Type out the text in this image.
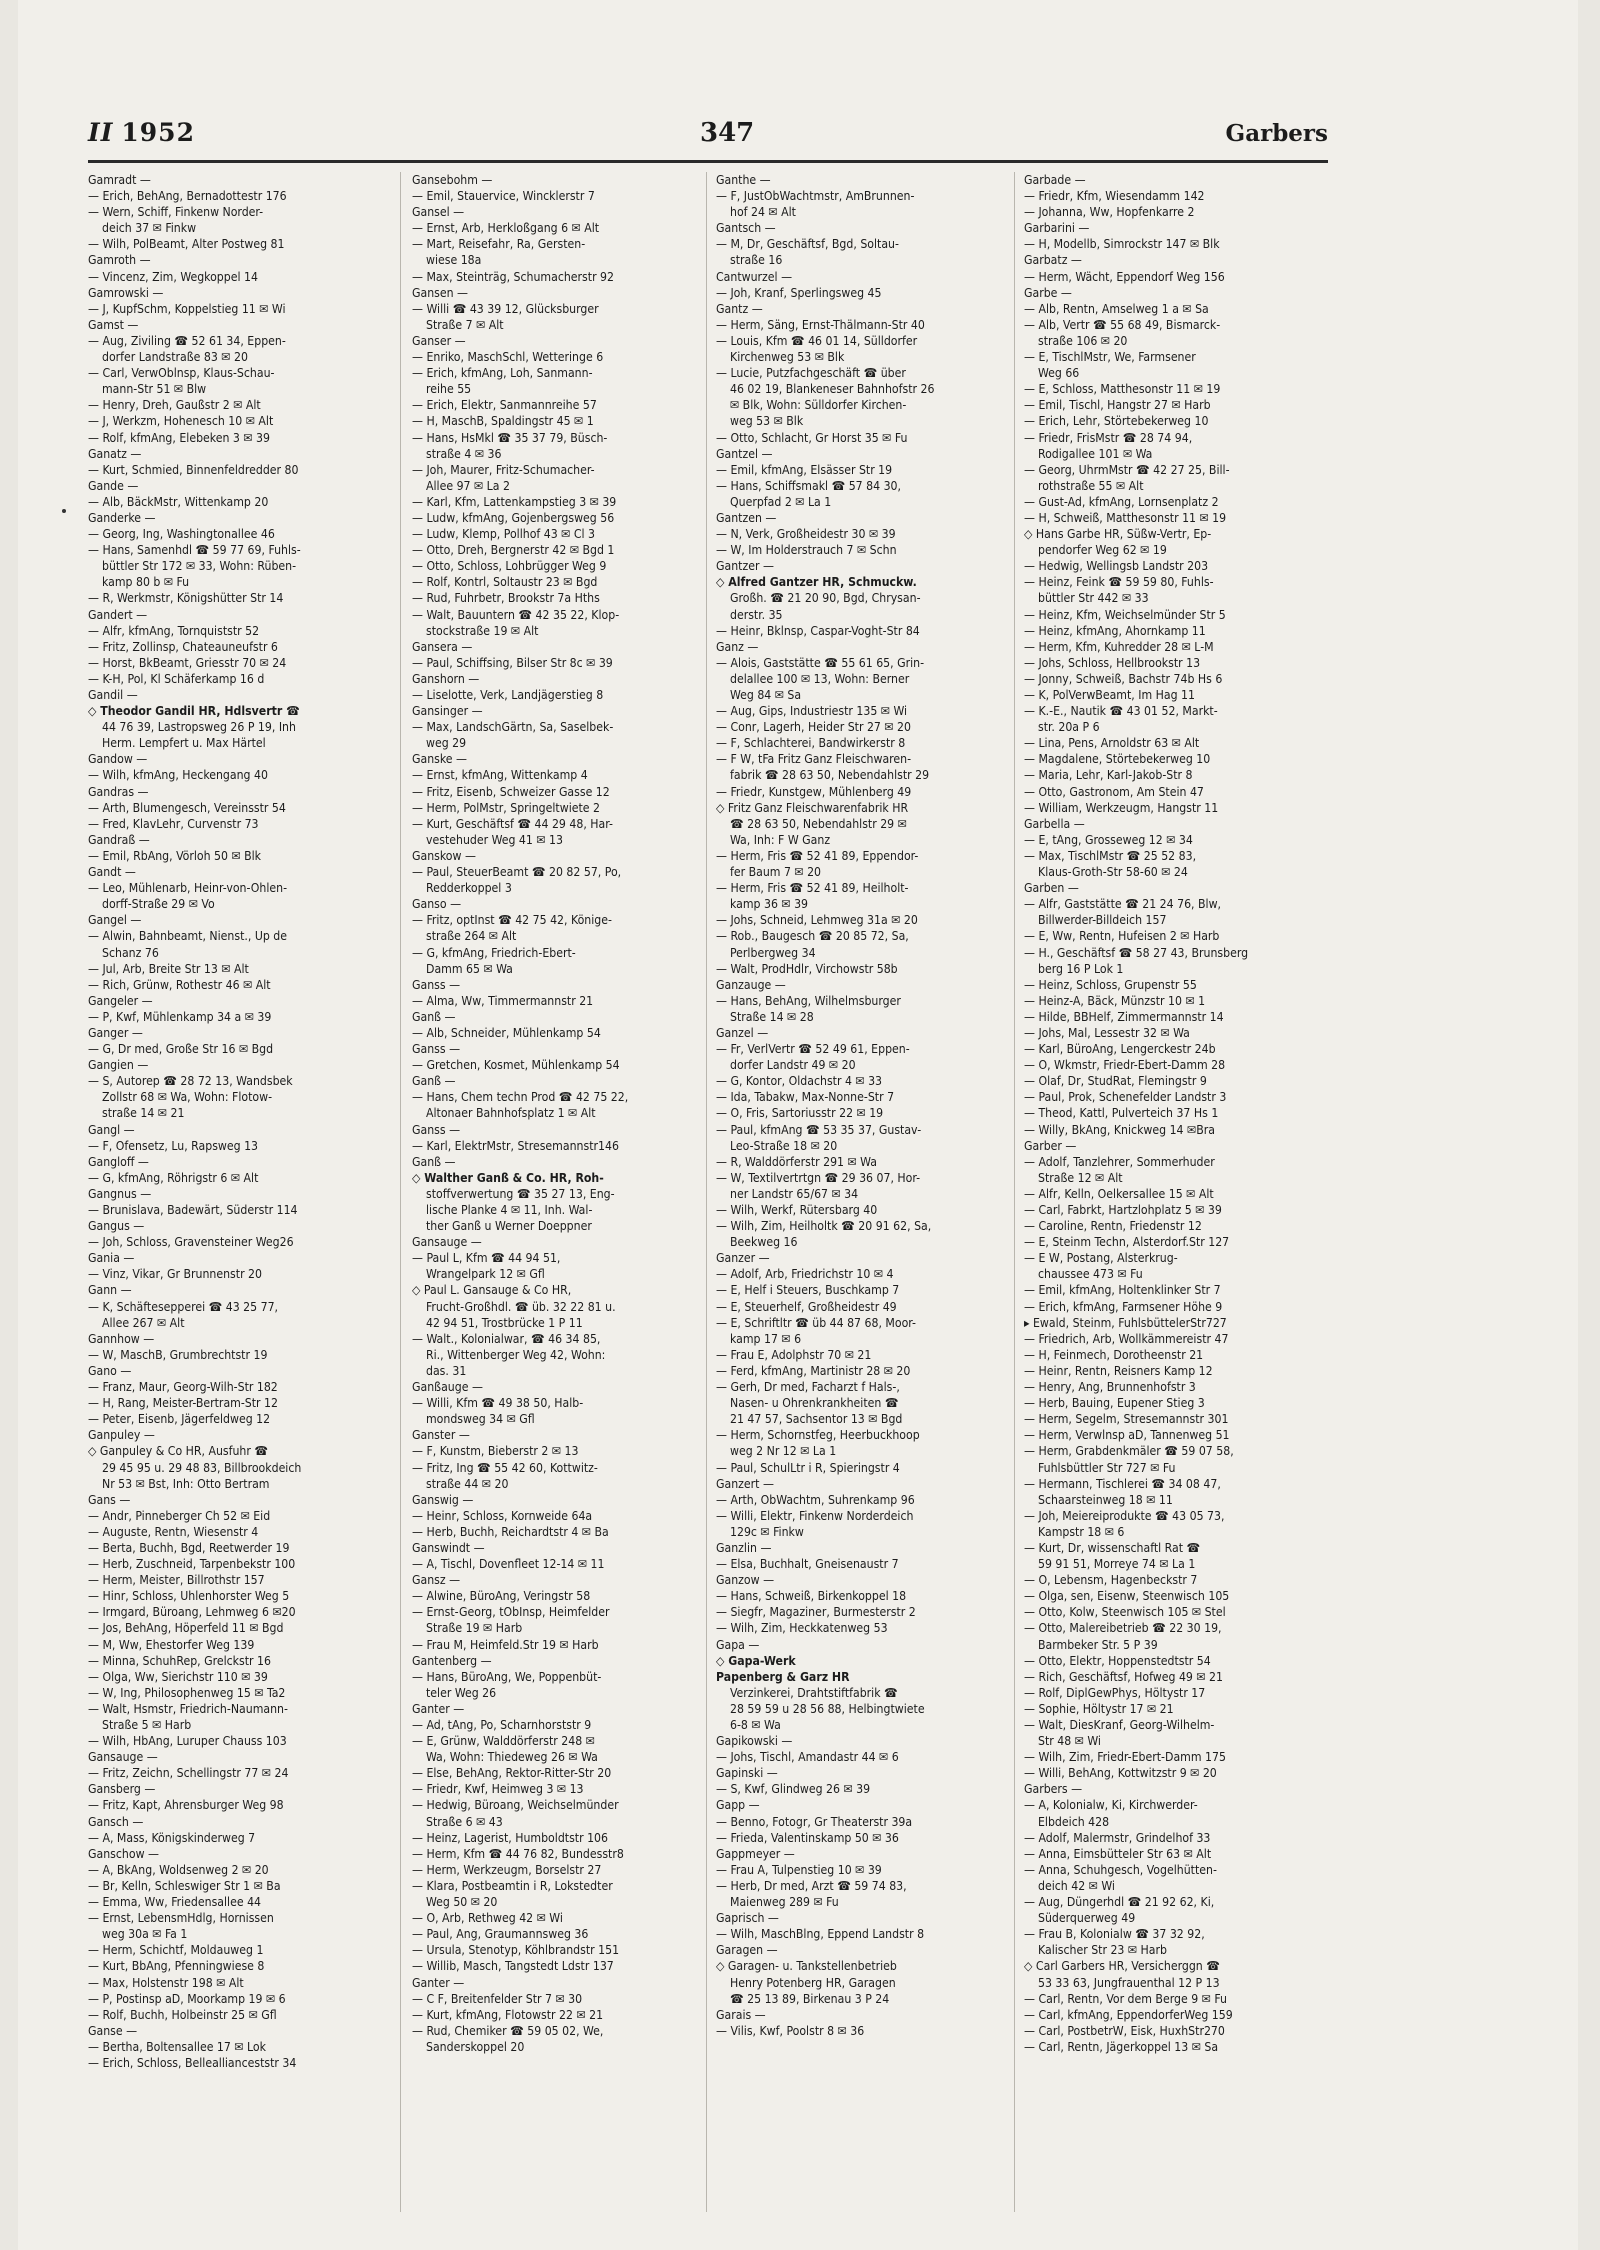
II 1952	347	Garbers
Gamradt —
— Erich, BehAng, Bernadottestr 176
— Wern, Schiff, Finkenw Norder-
deich 37 ✉ Finkw
— Wilh, PolBeamt, Alter Postweg 81
Gamroth —
— Vincenz, Zim, Wegkoppel 14
Gamrowski —
— J, KupfSchm, Koppelstieg 11 ✉ Wi
Gamst —
— Aug, Ziviling ☎ 52 61 34, Eppen-
dorfer Landstraße 83 ✉ 20
— Carl, VerwOblnsp, Klaus-Schau-
mann-Str 51 ✉ Blw
— Henry, Dreh, Gaußstr 2 ✉ Alt
— J, Werkzm, Hohenesch 10 ✉ Alt
— Rolf, kfmAng, Elebeken 3 ✉ 39
Ganatz —
— Kurt, Schmied, Binnenfeldredder 80
Gande —
— Alb, BäckMstr, Wittenkamp 20
Ganderke —
— Georg, Ing, Washingtonallee 46
— Hans, Samenhdl ☎ 59 77 69, Fuhls-
büttler Str 172 ✉ 33, Wohn: Rüben-
kamp 80 b ✉ Fu
— R, Werkmstr, Königshütter Str 14
Gandert —
— Alfr, kfmAng, Tornquiststr 52
— Fritz, Zollinsp, Chateauneufstr 6
— Horst, BkBeamt, Griesstr 70 ✉ 24
— K-H, Pol, Kl Schäferkamp 16 d
Gandil —
◇ Theodor Gandil HR, Hdlsvertr ☎
44 76 39, Lastropsweg 26 P 19, Inh
Herm. Lempfert u. Max Härtel
Gandow —
— Wilh, kfmAng, Heckengang 40
Gandras —
— Arth, Blumengesch, Vereinsstr 54
— Fred, KlavLehr, Curvenstr 73
Gandraß —
— Emil, RbAng, Vörloh 50 ✉ Blk
Gandt —
— Leo, Mühlenarb, Heinr-von-Ohlen-
dorff-Straße 29 ✉ Vo
Gangel —
— Alwin, Bahnbeamt, Nienst., Up de
Schanz 76
— Jul, Arb, Breite Str 13 ✉ Alt
— Rich, Grünw, Rothestr 46 ✉ Alt
Gangeler —
— P, Kwf, Mühlenkamp 34 a ✉ 39
Ganger —
— G, Dr med, Große Str 16 ✉ Bgd
Gangien —
— S, Autorep ☎ 28 72 13, Wandsbek
Zollstr 68 ✉ Wa, Wohn: Flotow-
straße 14 ✉ 21
Gangl —
— F, Ofensetz, Lu, Rapsweg 13
Gangloff —
— G, kfmAng, Röhrigstr 6 ✉ Alt
Gangnus —
— Brunislava, Badewärt, Süderstr 114
Gangus —
— Joh, Schloss, Gravensteiner Weg26
Gania —
— Vinz, Vikar, Gr Brunnenstr 20
Gann —
— K, Schäftesepperei ☎ 43 25 77,
Allee 267 ✉ Alt
Gannhow —
— W, MaschB, Grumbrechtstr 19
Gano —
— Franz, Maur, Georg-Wilh-Str 182
— H, Rang, Meister-Bertram-Str 12
— Peter, Eisenb, Jägerfeldweg 12
Ganpuley —
◇ Ganpuley & Co HR, Ausfuhr ☎
29 45 95 u. 29 48 83, Billbrookdeich
Nr 53 ✉ Bst, Inh: Otto Bertram
Gans —
— Andr, Pinneberger Ch 52 ✉ Eid
— Auguste, Rentn, Wiesenstr 4
— Berta, Buchh, Bgd, Reetwerder 19
— Herb, Zuschneid, Tarpenbekstr 100
— Herm, Meister, Billrothstr 157
— Hinr, Schloss, Uhlenhorster Weg 5
— Irmgard, Büroang, Lehmweg 6 ✉20
— Jos, BehAng, Höperfeld 11 ✉ Bgd
— M, Ww, Ehestorfer Weg 139
— Minna, SchuhRep, Grelckstr 16
— Olga, Ww, Sierichstr 110 ✉ 39
— W, Ing, Philosophenweg 15 ✉ Ta2
— Walt, Hsmstr, Friedrich-Naumann-
Straße 5 ✉ Harb
— Wilh, HbAng, Luruper Chauss 103
Gansauge —
— Fritz, Zeichn, Schellingstr 77 ✉ 24
Gansberg —
— Fritz, Kapt, Ahrensburger Weg 98
Gansch —
— A, Mass, Königskinderweg 7
Ganschow —
— A, BkAng, Woldsenweg 2 ✉ 20
— Br, Kelln, Schleswiger Str 1 ✉ Ba
— Emma, Ww, Friedensallee 44
— Ernst, LebensmHdlg, Hornissen
weg 30a ✉ Fa 1
— Herm, Schichtf, Moldauweg 1
— Kurt, BbAng, Pfenningwiese 8
— Max, Holstenstr 198 ✉ Alt
— P, Postinsp aD, Moorkamp 19 ✉ 6
— Rolf, Buchh, Holbeinstr 25 ✉ Gfl
Ganse —
— Bertha, Boltensallee 17 ✉ Lok
— Erich, Schloss, Belleallianceststr 34
Gansebohm —
— Emil, Stauervice, Wincklerstr 7
Gansel —
— Ernst, Arb, Herkloßgang 6 ✉ Alt
— Mart, Reisefahr, Ra, Gersten-
wiese 18a
— Max, Steinträg, Schumacherstr 92
Gansen —
— Willi ☎ 43 39 12, Glücksburger
Straße 7 ✉ Alt
Ganser —
— Enriko, MaschSchl, Wetteringe 6
— Erich, kfmAng, Loh, Sanmann-
reihe 55
— Erich, Elektr, Sanmannreihe 57
— H, MaschB, Spaldingstr 45 ✉ 1
— Hans, HsMkl ☎ 35 37 79, Büsch-
straße 4 ✉ 36
— Joh, Maurer, Fritz-Schumacher-
Allee 97 ✉ La 2
— Karl, Kfm, Lattenkampstieg 3 ✉ 39
— Ludw, kfmAng, Gojenbergsweg 56
— Ludw, Klemp, Pollhof 43 ✉ Cl 3
— Otto, Dreh, Bergnerstr 42 ✉ Bgd 1
— Otto, Schloss, Lohbrügger Weg 9
— Rolf, Kontrl, Soltaustr 23 ✉ Bgd
— Rud, Fuhrbetr, Brookstr 7a Hths
— Walt, Bauuntern ☎ 42 35 22, Klop-
stockstraße 19 ✉ Alt
Gansera —
— Paul, Schiffsing, Bilser Str 8c ✉ 39
Ganshorn —
— Liselotte, Verk, Landjägerstieg 8
Gansinger —
— Max, LandschGärtn, Sa, Saselbek-
weg 29
Ganske —
— Ernst, kfmAng, Wittenkamp 4
— Fritz, Eisenb, Schweizer Gasse 12
— Herm, PolMstr, Springeltwiete 2
— Kurt, Geschäftsf ☎ 44 29 48, Har-
vestehuder Weg 41 ✉ 13
Ganskow —
— Paul, SteuerBeamt ☎ 20 82 57, Po,
Redderkoppel 3
Ganso —
— Fritz, optInst ☎ 42 75 42, Könige-
straße 264 ✉ Alt
— G, kfmAng, Friedrich-Ebert-
Damm 65 ✉ Wa
Ganss —
— Alma, Ww, Timmermannstr 21
Ganß —
— Alb, Schneider, Mühlenkamp 54
Ganss —
— Gretchen, Kosmet, Mühlenkamp 54
Ganß —
— Hans, Chem techn Prod ☎ 42 75 22,
Altonaer Bahnhofsplatz 1 ✉ Alt
Ganss —
— Karl, ElektrMstr, Stresemannstr146
Ganß —
◇ Walther Ganß & Co. HR, Roh-
stoffverwertung ☎ 35 27 13, Eng-
lische Planke 4 ✉ 11, Inh. Wal-
ther Ganß u Werner Doeppner
Gansauge —
— Paul L, Kfm ☎ 44 94 51,
Wrangelpark 12 ✉ Gfl
◇ Paul L. Gansauge & Co HR,
Frucht-Großhdl. ☎ üb. 32 22 81 u.
42 94 51, Trostbrücke 1 P 11
— Walt., Kolonialwar, ☎ 46 34 85,
Ri., Wittenberger Weg 42, Wohn:
das. 31
Ganßauge —
— Willi, Kfm ☎ 49 38 50, Halb-
mondsweg 34 ✉ Gfl
Ganster —
— F, Kunstm, Bieberstr 2 ✉ 13
— Fritz, Ing ☎ 55 42 60, Kottwitz-
straße 44 ✉ 20
Ganswig —
— Heinr, Schloss, Kornweide 64a
— Herb, Buchh, Reichardtstr 4 ✉ Ba
Ganswindt —
— A, Tischl, Dovenfleet 12-14 ✉ 11
Gansz —
— Alwine, BüroAng, Veringstr 58
— Ernst-Georg, tObInsp, Heimfelder
Straße 19 ✉ Harb
— Frau M, Heimfeld.Str 19 ✉ Harb
Gantenberg —
— Hans, BüroAng, We, Poppenbüt-
teler Weg 26
Ganter —
— Ad, tAng, Po, Scharnhorststr 9
— E, Grünw, Walddörferstr 248 ✉
Wa, Wohn: Thiedeweg 26 ✉ Wa
— Else, BehAng, Rektor-Ritter-Str 20
— Friedr, Kwf, Heimweg 3 ✉ 13
— Hedwig, Büroang, Weichselmünder
Straße 6 ✉ 43
— Heinz, Lagerist, Humboldtstr 106
— Herm, Kfm ☎ 44 76 82, Bundesstr8
— Herm, Werkzeugm, Borselstr 27
— Klara, Postbeamtin i R, Lokstedter
Weg 50 ✉ 20
— O, Arb, Rethweg 42 ✉ Wi
— Paul, Ang, Graumannsweg 36
— Ursula, Stenotyp, Köhlbrandstr 151
— Willib, Masch, Tangstedt Ldstr 137
Ganter —
— C F, Breitenfelder Str 7 ✉ 30
— Kurt, kfmAng, Flotowstr 22 ✉ 21
— Rud, Chemiker ☎ 59 05 02, We,
Sanderskoppel 20
Ganthe —
— F, JustObWachtmstr, AmBrunnen-
hof 24 ✉ Alt
Gantsch —
— M, Dr, Geschäftsf, Bgd, Soltau-
straße 16
Cantwurzel —
— Joh, Kranf, Sperlingsweg 45
Gantz —
— Herm, Säng, Ernst-Thälmann-Str 40
— Louis, Kfm ☎ 46 01 14, Sülldorfer
Kirchenweg 53 ✉ Blk
— Lucie, Putzfachgeschäft ☎ über
46 02 19, Blankeneser Bahnhofstr 26
✉ Blk, Wohn: Sülldorfer Kirchen-
weg 53 ✉ Blk
— Otto, Schlacht, Gr Horst 35 ✉ Fu
Gantzel —
— Emil, kfmAng, Elsässer Str 19
— Hans, Schiffsmakl ☎ 57 84 30,
Querpfad 2 ✉ La 1
Gantzen —
— N, Verk, Großheidestr 30 ✉ 39
— W, Im Holderstrauch 7 ✉ Schn
Gantzer —
◇ Alfred Gantzer HR, Schmuckw.
Großh. ☎ 21 20 90, Bgd, Chrysan-
derstr. 35
— Heinr, Bklnsp, Caspar-Voght-Str 84
Ganz —
— Alois, Gaststätte ☎ 55 61 65, Grin-
delallee 100 ✉ 13, Wohn: Berner
Weg 84 ✉ Sa
— Aug, Gips, Industriestr 135 ✉ Wi
— Conr, Lagerh, Heider Str 27 ✉ 20
— F, Schlachterei, Bandwirkerstr 8
— F W, tFa Fritz Ganz Fleischwaren-
fabrik ☎ 28 63 50, Nebendahlstr 29
— Friedr, Kunstgew, Mühlenberg 49
◇ Fritz Ganz Fleischwarenfabrik HR
☎ 28 63 50, Nebendahlstr 29 ✉
Wa, Inh: F W Ganz
— Herm, Fris ☎ 52 41 89, Eppendor-
fer Baum 7 ✉ 20
— Herm, Fris ☎ 52 41 89, Heilholt-
kamp 36 ✉ 39
— Johs, Schneid, Lehmweg 31a ✉ 20
— Rob., Baugesch ☎ 20 85 72, Sa,
Perlbergweg 34
— Walt, ProdHdlr, Virchowstr 58b
Ganzauge —
— Hans, BehAng, Wilhelmsburger
Straße 14 ✉ 28
Ganzel —
— Fr, VerlVertr ☎ 52 49 61, Eppen-
dorfer Landstr 49 ✉ 20
— G, Kontor, Oldachstr 4 ✉ 33
— Ida, Tabakw, Max-Nonne-Str 7
— O, Fris, Sartoriusstr 22 ✉ 19
— Paul, kfmAng ☎ 53 35 37, Gustav-
Leo-Straße 18 ✉ 20
— R, Walddörferstr 291 ✉ Wa
— W, Textilvertrtgn ☎ 29 36 07, Hor-
ner Landstr 65/67 ✉ 34
— Wilh, Werkf, Rütersbarg 40
— Wilh, Zim, Heilholtk ☎ 20 91 62, Sa,
Beekweg 16
Ganzer —
— Adolf, Arb, Friedrichstr 10 ✉ 4
— E, Helf i Steuers, Buschkamp 7
— E, Steuerhelf, Großheidestr 49
— E, Schriftltr ☎ üb 44 87 68, Moor-
kamp 17 ✉ 6
— Frau E, Adolphstr 70 ✉ 21
— Ferd, kfmAng, Martinistr 28 ✉ 20
— Gerh, Dr med, Facharzt f Hals-,
Nasen- u Ohrenkrankheiten ☎
21 47 57, Sachsentor 13 ✉ Bgd
— Herm, Schornstfeg, Heerbuckhoop
weg 2 Nr 12 ✉ La 1
— Paul, SchulLtr i R, Spieringstr 4
Ganzert —
— Arth, ObWachtm, Suhrenkamp 96
— Willi, Elektr, Finkenw Norderdeich
129c ✉ Finkw
Ganzlin —
— Elsa, Buchhalt, Gneisenaustr 7
Ganzow —
— Hans, Schweiß, Birkenkoppel 18
— Siegfr, Magaziner, Burmesterstr 2
— Wilh, Zim, Heckkatenweg 53
Gapa —
◇ Gapa-Werk
Papenberg & Garz HR
Verzinkerei, Drahtstiftfabrik ☎
28 59 59 u 28 56 88, Helbingtwiete
6-8 ✉ Wa
Gapikowski —
— Johs, Tischl, Amandastr 44 ✉ 6
Gapinski —
— S, Kwf, Glindweg 26 ✉ 39
Gapp —
— Benno, Fotogr, Gr Theaterstr 39a
— Frieda, Valentinskamp 50 ✉ 36
Gappmeyer —
— Frau A, Tulpenstieg 10 ✉ 39
— Herb, Dr med, Arzt ☎ 59 74 83,
Maienweg 289 ✉ Fu
Gaprisch —
— Wilh, MaschBlng, Eppend Landstr 8
Garagen —
◇ Garagen- u. Tankstellenbetrieb
Henry Potenberg HR, Garagen
☎ 25 13 89, Birkenau 3 P 24
Garais —
— Vilis, Kwf, Poolstr 8 ✉ 36
Garbade —
— Friedr, Kfm, Wiesendamm 142
— Johanna, Ww, Hopfenkarre 2
Garbarini —
— H, Modellb, Simrockstr 147 ✉ Blk
Garbatz —
— Herm, Wächt, Eppendorf Weg 156
Garbe —
— Alb, Rentn, Amselweg 1 a ✉ Sa
— Alb, Vertr ☎ 55 68 49, Bismarck-
straße 106 ✉ 20
— E, TischlMstr, We, Farmsener
Weg 66
— E, Schloss, Matthesonstr 11 ✉ 19
— Emil, Tischl, Hangstr 27 ✉ Harb
— Erich, Lehr, Störtebekerweg 10
— Friedr, FrisMstr ☎ 28 74 94,
Rodigallee 101 ✉ Wa
— Georg, UhrmMstr ☎ 42 27 25, Bill-
rothstraße 55 ✉ Alt
— Gust-Ad, kfmAng, Lornsenplatz 2
— H, Schweiß, Matthesonstr 11 ✉ 19
◇ Hans Garbe HR, Süßw-Vertr, Ep-
pendorfer Weg 62 ✉ 19
— Hedwig, Wellingsb Landstr 203
— Heinz, Feink ☎ 59 59 80, Fuhls-
büttler Str 442 ✉ 33
— Heinz, Kfm, Weichselmünder Str 5
— Heinz, kfmAng, Ahornkamp 11
— Herm, Kfm, Kuhredder 28 ✉ L-M
— Johs, Schloss, Hellbrookstr 13
— Jonny, Schweiß, Bachstr 74b Hs 6
— K, PolVerwBeamt, Im Hag 11
— K.-E., Nautik ☎ 43 01 52, Markt-
str. 20a P 6
— Lina, Pens, Arnoldstr 63 ✉ Alt
— Magdalene, Störtebekerweg 10
— Maria, Lehr, Karl-Jakob-Str 8
— Otto, Gastronom, Am Stein 47
— William, Werkzeugm, Hangstr 11
Garbella —
— E, tAng, Grosseweg 12 ✉ 34
— Max, TischlMstr ☎ 25 52 83,
Klaus-Groth-Str 58-60 ✉ 24
Garben —
— Alfr, Gaststätte ☎ 21 24 76, Blw,
Billwerder-Billdeich 157
— E, Ww, Rentn, Hufeisen 2 ✉ Harb
— H., Geschäftsf ☎ 58 27 43, Brunsberg
berg 16 P Lok 1
— Heinz, Schloss, Grupenstr 55
— Heinz-A, Bäck, Münzstr 10 ✉ 1
— Hilde, BBHelf, Zimmermannstr 14
— Johs, Mal, Lessestr 32 ✉ Wa
— Karl, BüroAng, Lengerckestr 24b
— O, Wkmstr, Friedr-Ebert-Damm 28
— Olaf, Dr, StudRat, Flemingstr 9
— Paul, Prok, Schenefelder Landstr 3
— Theod, Kattl, Pulverteich 37 Hs 1
— Willy, BkAng, Knickweg 14 ✉Bra
Garber —
— Adolf, Tanzlehrer, Sommerhuder
Straße 12 ✉ Alt
— Alfr, Kelln, Oelkersallee 15 ✉ Alt
— Carl, Fabrkt, Hartzlohplatz 5 ✉ 39
— Caroline, Rentn, Friedenstr 12
— E, Steinm Techn, Alsterdorf.Str 127
— E W, Postang, Alsterkrug-
chaussee 473 ✉ Fu
— Emil, kfmAng, Holtenklinker Str 7
— Erich, kfmAng, Farmsener Höhe 9
▸ Ewald, Steinm, FuhlsbüttelerStr727
— Friedrich, Arb, Wollkämmereistr 47
— H, Feinmech, Dorotheenstr 21
— Heinr, Rentn, Reisners Kamp 12
— Henry, Ang, Brunnenhofstr 3
— Herb, Bauing, Eupener Stieg 3
— Herm, Segelm, Stresemannstr 301
— Herm, Verwlnsp aD, Tannenweg 51
— Herm, Grabdenkmäler ☎ 59 07 58,
Fuhlsbüttler Str 727 ✉ Fu
— Hermann, Tischlerei ☎ 34 08 47,
Schaarsteinweg 18 ✉ 11
— Joh, Meiereiprodukte ☎ 43 05 73,
Kampstr 18 ✉ 6
— Kurt, Dr, wissenschaftl Rat ☎
59 91 51, Morreye 74 ✉ La 1
— O, Lebensm, Hagenbeckstr 7
— Olga, sen, Eisenw, Steenwisch 105
— Otto, Kolw, Steenwisch 105 ✉ Stel
— Otto, Malereibetrieb ☎ 22 30 19,
Barmbeker Str. 5 P 39
— Otto, Elektr, Hoppenstedtstr 54
— Rich, Geschäftsf, Hofweg 49 ✉ 21
— Rolf, DiplGewPhys, Höltystr 17
— Sophie, Höltystr 17 ✉ 21
— Walt, DiesKranf, Georg-Wilhelm-
Str 48 ✉ Wi
— Wilh, Zim, Friedr-Ebert-Damm 175
— Willi, BehAng, Kottwitzstr 9 ✉ 20
Garbers —
— A, Kolonialw, Ki, Kirchwerder-
Elbdeich 428
— Adolf, Malermstr, Grindelhof 33
— Anna, Eimsbütteler Str 63 ✉ Alt
— Anna, Schuhgesch, Vogelhütten-
deich 42 ✉ Wi
— Aug, Düngerhdl ☎ 21 92 62, Ki,
Süderquerweg 49
— Frau B, Kolonialw ☎ 37 32 92,
Kalischer Str 23 ✉ Harb
◇ Carl Garbers HR, Versicherggn ☎
53 33 63, Jungfrauenthal 12 P 13
— Carl, Rentn, Vor dem Berge 9 ✉ Fu
— Carl, kfmAng, EppendorferWeg 159
— Carl, PostbetrW, Eisk, HuxhStr270
— Carl, Rentn, Jägerkoppel 13 ✉ Sa
